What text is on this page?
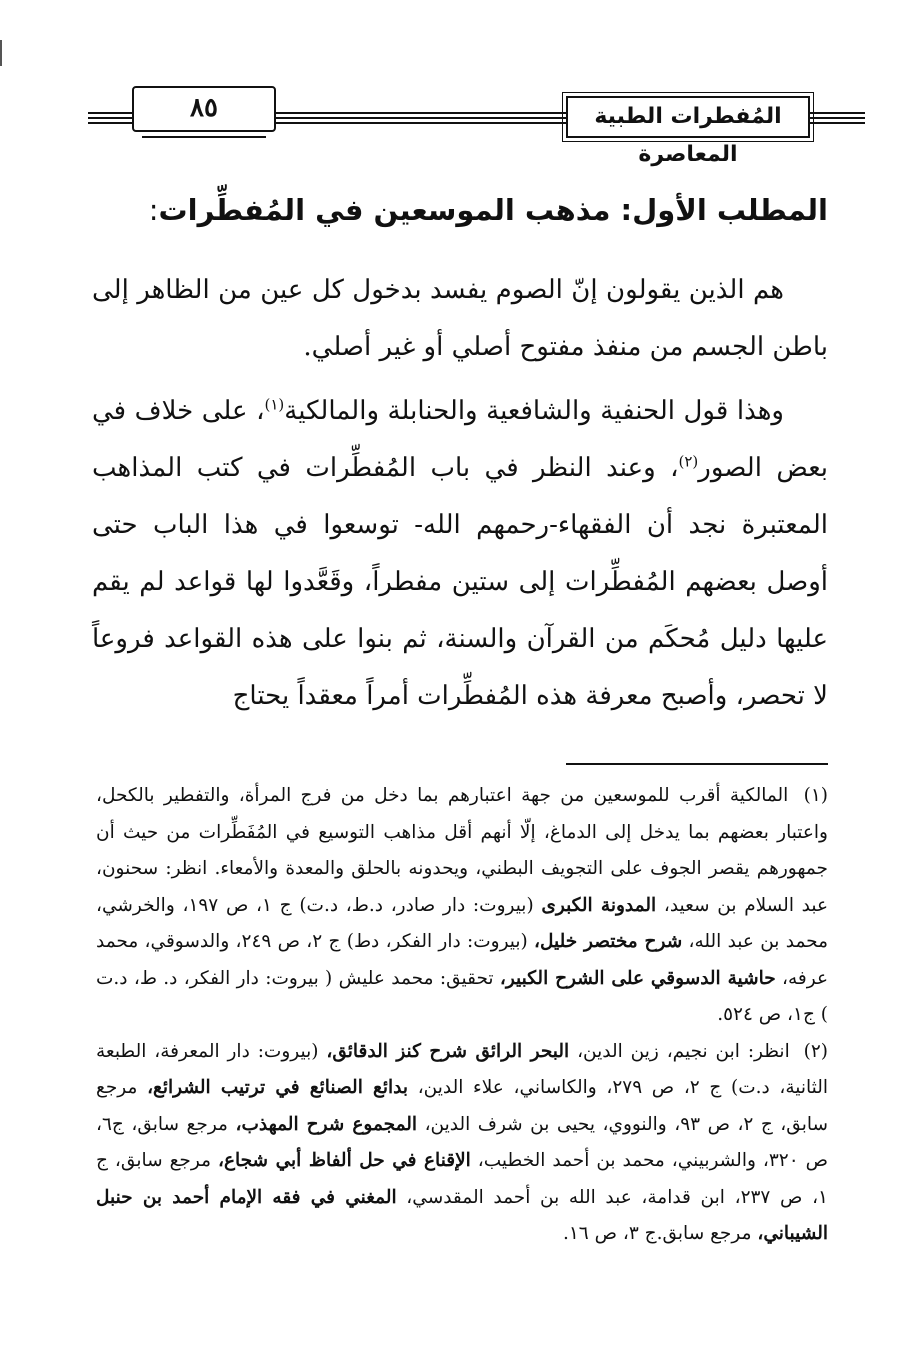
٨٥	المُفطرات الطبية المعاصرة
المطلب الأول: مذهب الموسعين في المُفطِّرات:

هم الذين يقولون إنّ الصوم يفسد بدخول كل عين من الظاهر إلى باطن الجسم من منفذ مفتوح أصلي أو غير أصلي.

وهذا قول الحنفية والشافعية والحنابلة والمالكية$^{(١)}$، على خلاف في بعض الصور$^{(٢)}$، وعند النظر في باب المُفطِّرات في كتب المذاهب المعتبرة نجد أن الفقهاء-رحمهم الله- توسعوا في هذا الباب حتى أوصل بعضهم المُفطِّرات إلى ستين مفطراً، وقَعَّدوا لها قواعد لم يقم عليها دليل مُحكَم من القرآن والسنة، ثم بنوا على هذه القواعد فروعاً لا تحصر، وأصبح معرفة هذه المُفطِّرات أمراً معقداً يحتاج

(١) المالكية أقرب للموسعين من جهة اعتبارهم بما دخل من فرج المرأة، والتفطير بالكحل، واعتبار بعضهم بما يدخل إلى الدماغ، إلّا أنهم أقل مذاهب التوسيع في المُفَطِّرات من حيث أن جمهورهم يقصر الجوف على التجويف البطني، ويحدونه بالحلق والمعدة والأمعاء. انظر: سحنون، عبد السلام بن سعيد، المدونة الكبرى (بيروت: دار صادر، د.ط، د.ت) ج ١، ص ١٩٧، والخرشي، محمد بن عبد الله، شرح مختصر خليل، (بيروت: دار الفكر، دط) ج ٢، ص ٢٤٩، والدسوقي، محمد عرفه، حاشية الدسوقي على الشرح الكبير، تحقيق: محمد عليش ( بيروت: دار الفكر، د. ط، د.ت ) ج١، ص ٥٢٤.

(٢) انظر: ابن نجيم، زين الدين، البحر الرائق شرح كنز الدقائق، (بيروت: دار المعرفة، الطبعة الثانية، د.ت) ج ٢، ص ٢٧٩، والكاساني، علاء الدين، بدائع الصنائع في ترتيب الشرائع، مرجع سابق، ج ٢، ص ٩٣، والنووي، يحيى بن شرف الدين، المجموع شرح المهذب، مرجع سابق، ج٦، ص ٣٢٠، والشربيني، محمد بن أحمد الخطيب، الإقناع في حل ألفاظ أبي شجاع، مرجع سابق، ج ١، ص ٢٣٧، ابن قدامة، عبد الله بن أحمد المقدسي، المغني في فقه الإمام أحمد بن حنبل الشيباني، مرجع سابق.ج ٣، ص ١٦.
